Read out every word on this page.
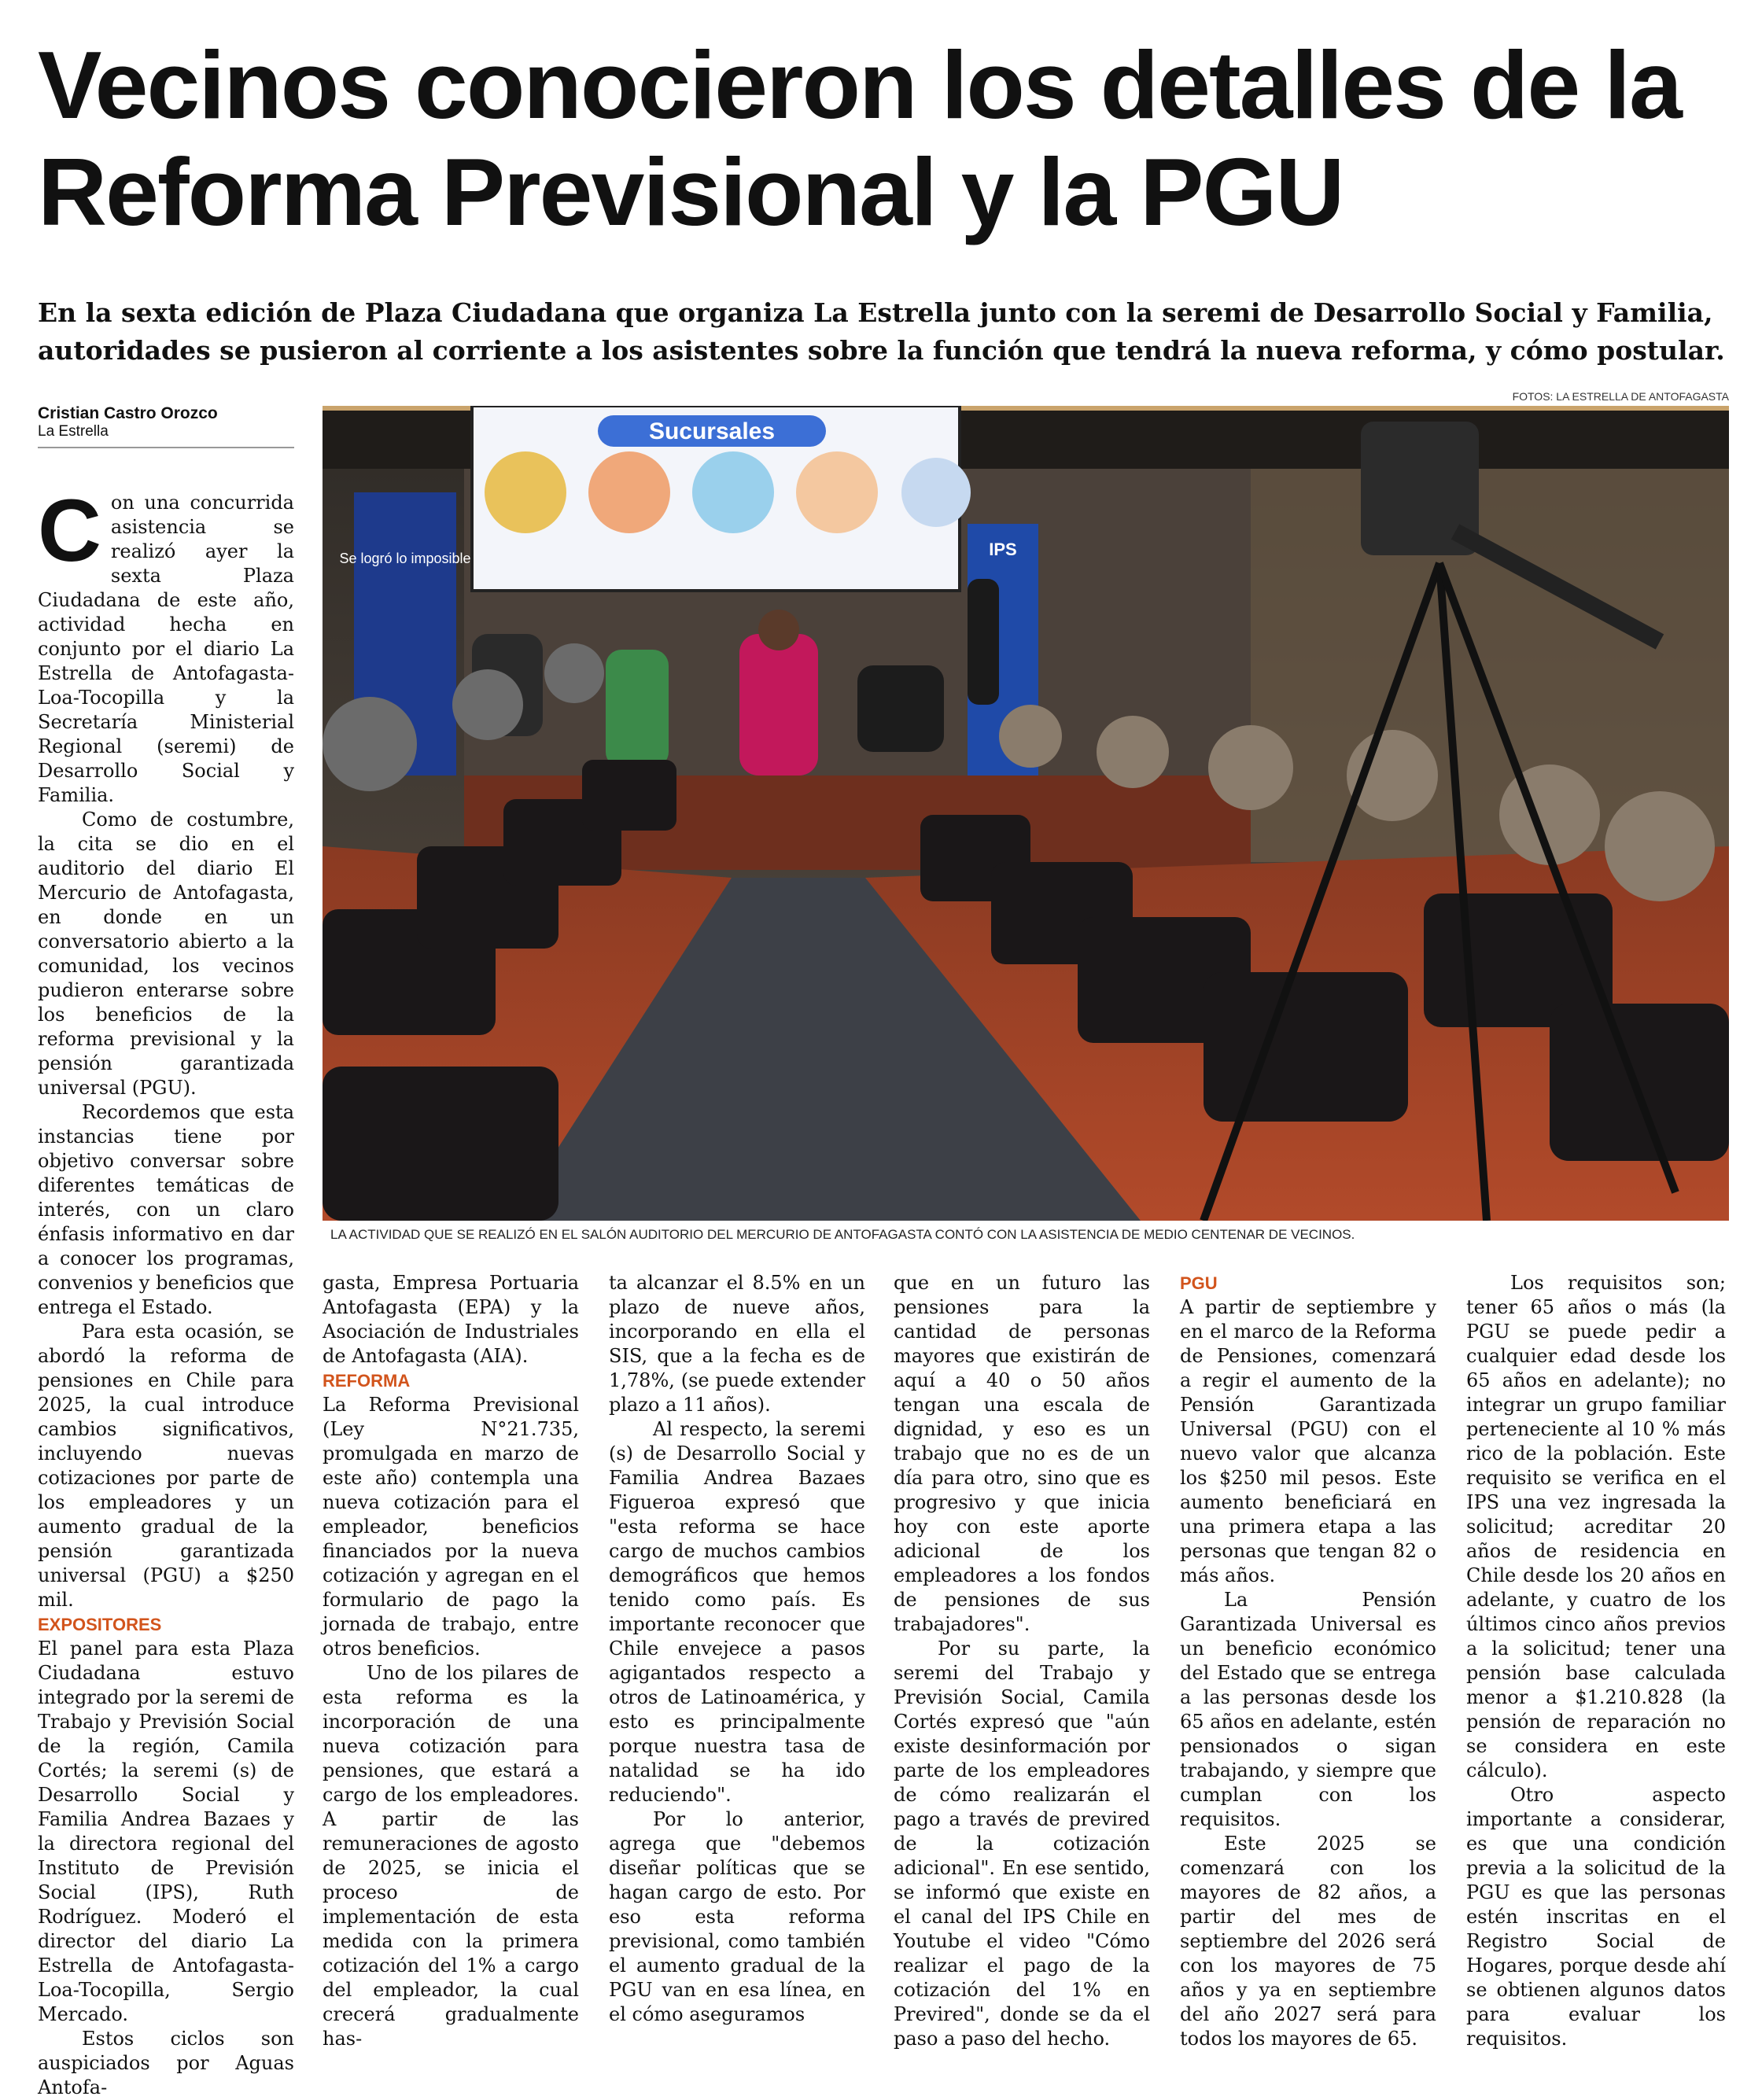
Vecinos conocieron los detalles de la Reforma Previsional y la PGU

En la sexta edición de Plaza Ciudadana que organiza La Estrella junto con la seremi de Desarrollo Social y Familia, autoridades se pusieron al corriente a los asistentes sobre la función que tendrá la nueva reforma, y cómo postular.

Cristian Castro Orozco
La Estrella
FOTOS: LA ESTRELLA DE ANTOFAGASTA
Sucursales
Se logró lo imposible	IPS
LA ACTIVIDAD QUE SE REALIZÓ EN EL SALÓN AUDITORIO DEL MERCURIO DE ANTOFAGASTA CONTÓ CON LA ASISTENCIA DE MEDIO CENTENAR DE VECINOS.

Con una concurrida asistencia se realizó ayer la sexta Plaza Ciudadana de este año, actividad hecha en conjunto por el diario La Estrella de Antofagasta-Loa-Tocopilla y la Secretaría Ministerial Regional (seremi) de Desarrollo Social y Familia.

Como de costumbre, la cita se dio en el auditorio del diario El Mercurio de Antofagasta, en donde en un conversatorio abierto a la comunidad, los vecinos pudieron enterarse sobre los beneficios de la reforma previsional y la pensión garantizada universal (PGU).

Recordemos que esta instancias tiene por objetivo conversar sobre diferentes temáticas de interés, con un claro énfasis informativo en dar a conocer los programas, convenios y beneficios que entrega el Estado.

Para esta ocasión, se abordó la reforma de pensiones en Chile para 2025, la cual introduce cambios significativos, incluyendo nuevas cotizaciones por parte de los empleadores y un aumento gradual de la pensión garantizada universal (PGU) a $250 mil.

EXPOSITORES

El panel para esta Plaza Ciudadana estuvo integrado por la seremi de Trabajo y Previsión Social de la región, Camila Cortés; la seremi (s) de Desarrollo Social y Familia Andrea Bazaes y la directora regional del Instituto de Previsión Social (IPS), Ruth Rodríguez. Moderó el director del diario La Estrella de Antofagasta-Loa-Tocopilla, Sergio Mercado.

Estos ciclos son auspiciados por Aguas Antofa-

gasta, Empresa Portuaria Antofagasta (EPA) y la Asociación de Industriales de Antofagasta (AIA).

REFORMA

La Reforma Previsional (Ley N°21.735, promulgada en marzo de este año) contempla una nueva cotización para el empleador, beneficios financiados por la nueva cotización y agregan en el formulario de pago la jornada de trabajo, entre otros beneficios.

Uno de los pilares de esta reforma es la incorporación de una nueva cotización para pensiones, que estará a cargo de los empleadores. A partir de las remuneraciones de agosto de 2025, se inicia el proceso de implementación de esta medida con la primera cotización del 1% a cargo del empleador, la cual crecerá gradualmente has-

ta alcanzar el 8.5% en un plazo de nueve años, incorporando en ella el SIS, que a la fecha es de 1,78%, (se puede extender plazo a 11 años).

Al respecto, la seremi (s) de Desarrollo Social y Familia Andrea Bazaes Figueroa expresó que "esta reforma se hace cargo de muchos cambios demográficos que hemos tenido como país. Es importante reconocer que Chile envejece a pasos agigantados respecto a otros de Latinoamérica, y esto es principalmente porque nuestra tasa de natalidad se ha ido reduciendo".

Por lo anterior, agrega que "debemos diseñar políticas que se hagan cargo de esto. Por eso esta reforma previsional, como también el aumento gradual de la PGU van en esa línea, en el cómo aseguramos

que en un futuro las pensiones para la cantidad de personas mayores que existirán de aquí a 40 o 50 años tengan una escala de dignidad, y eso es un trabajo que no es de un día para otro, sino que es progresivo y que inicia hoy con este aporte adicional de los empleadores a los fondos de pensiones de sus trabajadores".

Por su parte, la seremi del Trabajo y Previsión Social, Camila Cortés expresó que "aún existe desinformación por parte de los empleadores de cómo realizarán el pago a través de previred de la cotización adicional". En ese sentido, se informó que existe en el canal del IPS Chile en Youtube el video "Cómo realizar el pago de la cotización del 1% en Previred", donde se da el paso a paso del hecho.

PGU

A partir de septiembre y en el marco de la Reforma de Pensiones, comenzará a regir el aumento de la Pensión Garantizada Universal (PGU) con el nuevo valor que alcanza los $250 mil pesos. Este aumento beneficiará en una primera etapa a las personas que tengan 82 o más años.

La Pensión Garantizada Universal es un beneficio económico del Estado que se entrega a las personas desde los 65 años en adelante, estén pensionados o sigan trabajando, y siempre que cumplan con los requisitos.

Este 2025 se comenzará con los mayores de 82 años, a partir del mes de septiembre del 2026 será con los mayores de 75 años y ya en septiembre del año 2027 será para todos los mayores de 65.

Los requisitos son; tener 65 años o más (la PGU se puede pedir a cualquier edad desde los 65 años en adelante); no integrar un grupo familiar perteneciente al 10 % más rico de la población. Este requisito se verifica en el IPS una vez ingresada la solicitud; acreditar 20 años de residencia en Chile desde los 20 años en adelante, y cuatro de los últimos cinco años previos a la solicitud; tener una pensión base calculada menor a $1.210.828 (la pensión de reparación no se considera en este cálculo).

Otro aspecto importante a considerar, es que una condición previa a la solicitud de la PGU es que las personas estén inscritas en el Registro Social de Hogares, porque desde ahí se obtienen algunos datos para evaluar los requisitos.
